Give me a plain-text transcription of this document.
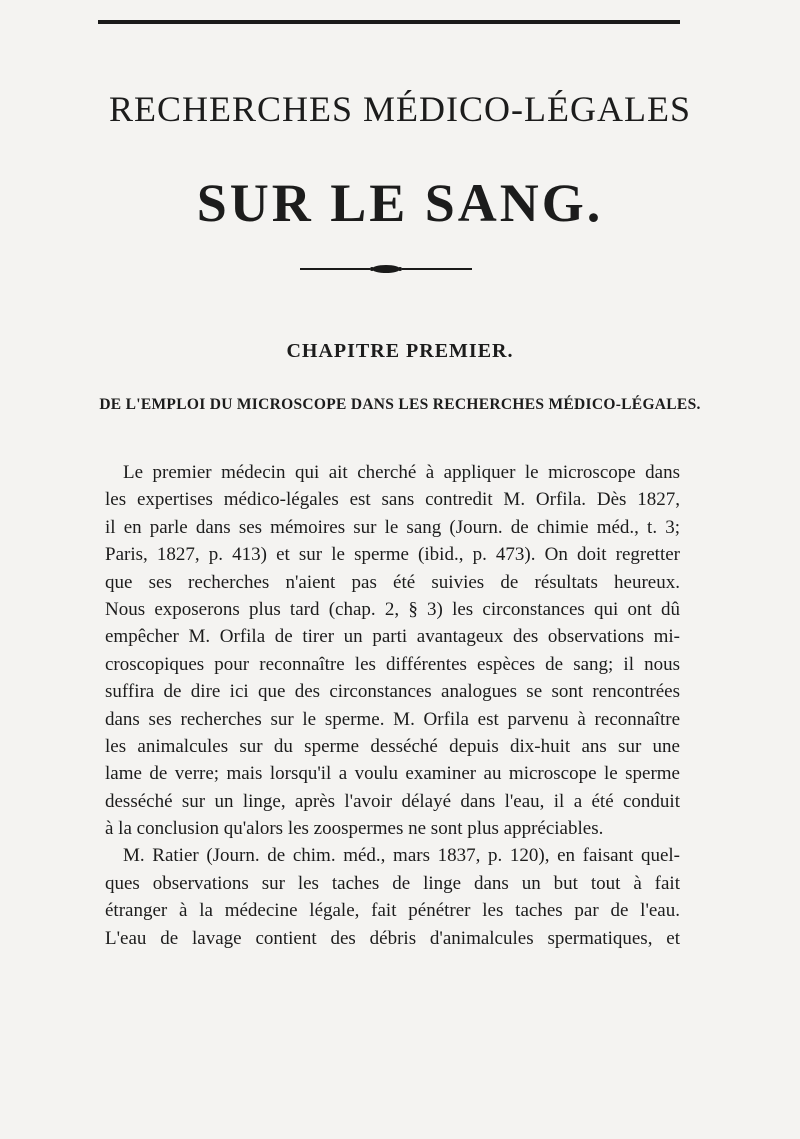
RECHERCHES MÉDICO-LÉGALES
SUR LE SANG.
CHAPITRE PREMIER.
DE L'EMPLOI DU MICROSCOPE DANS LES RECHERCHES MÉDICO-LÉGALES.
Le premier médecin qui ait cherché à appliquer le microscope dans
les expertises médico-légales est sans contredit M. Orfila. Dès 1827,
il en parle dans ses mémoires sur le sang (Journ. de chimie méd., t. 3;
Paris, 1827, p. 413) et sur le sperme (ibid., p. 473). On doit regretter
que ses recherches n'aient pas été suivies de résultats heureux.
Nous exposerons plus tard (chap. 2, § 3) les circonstances qui ont dû
empêcher M. Orfila de tirer un parti avantageux des observations mi-
croscopiques pour reconnaître les différentes espèces de sang; il nous
suffira de dire ici que des circonstances analogues se sont rencontrées
dans ses recherches sur le sperme. M. Orfila est parvenu à reconnaître
les animalcules sur du sperme desséché depuis dix-huit ans sur une
lame de verre; mais lorsqu'il a voulu examiner au microscope le sperme
desséché sur un linge, après l'avoir délayé dans l'eau, il a été conduit
à la conclusion qu'alors les zoospermes ne sont plus appréciables.
M. Ratier (Journ. de chim. méd., mars 1837, p. 120), en faisant quel-
ques observations sur les taches de linge dans un but tout à fait
étranger à la médecine légale, fait pénétrer les taches par de l'eau.
L'eau de lavage contient des débris d'animalcules spermatiques, et
